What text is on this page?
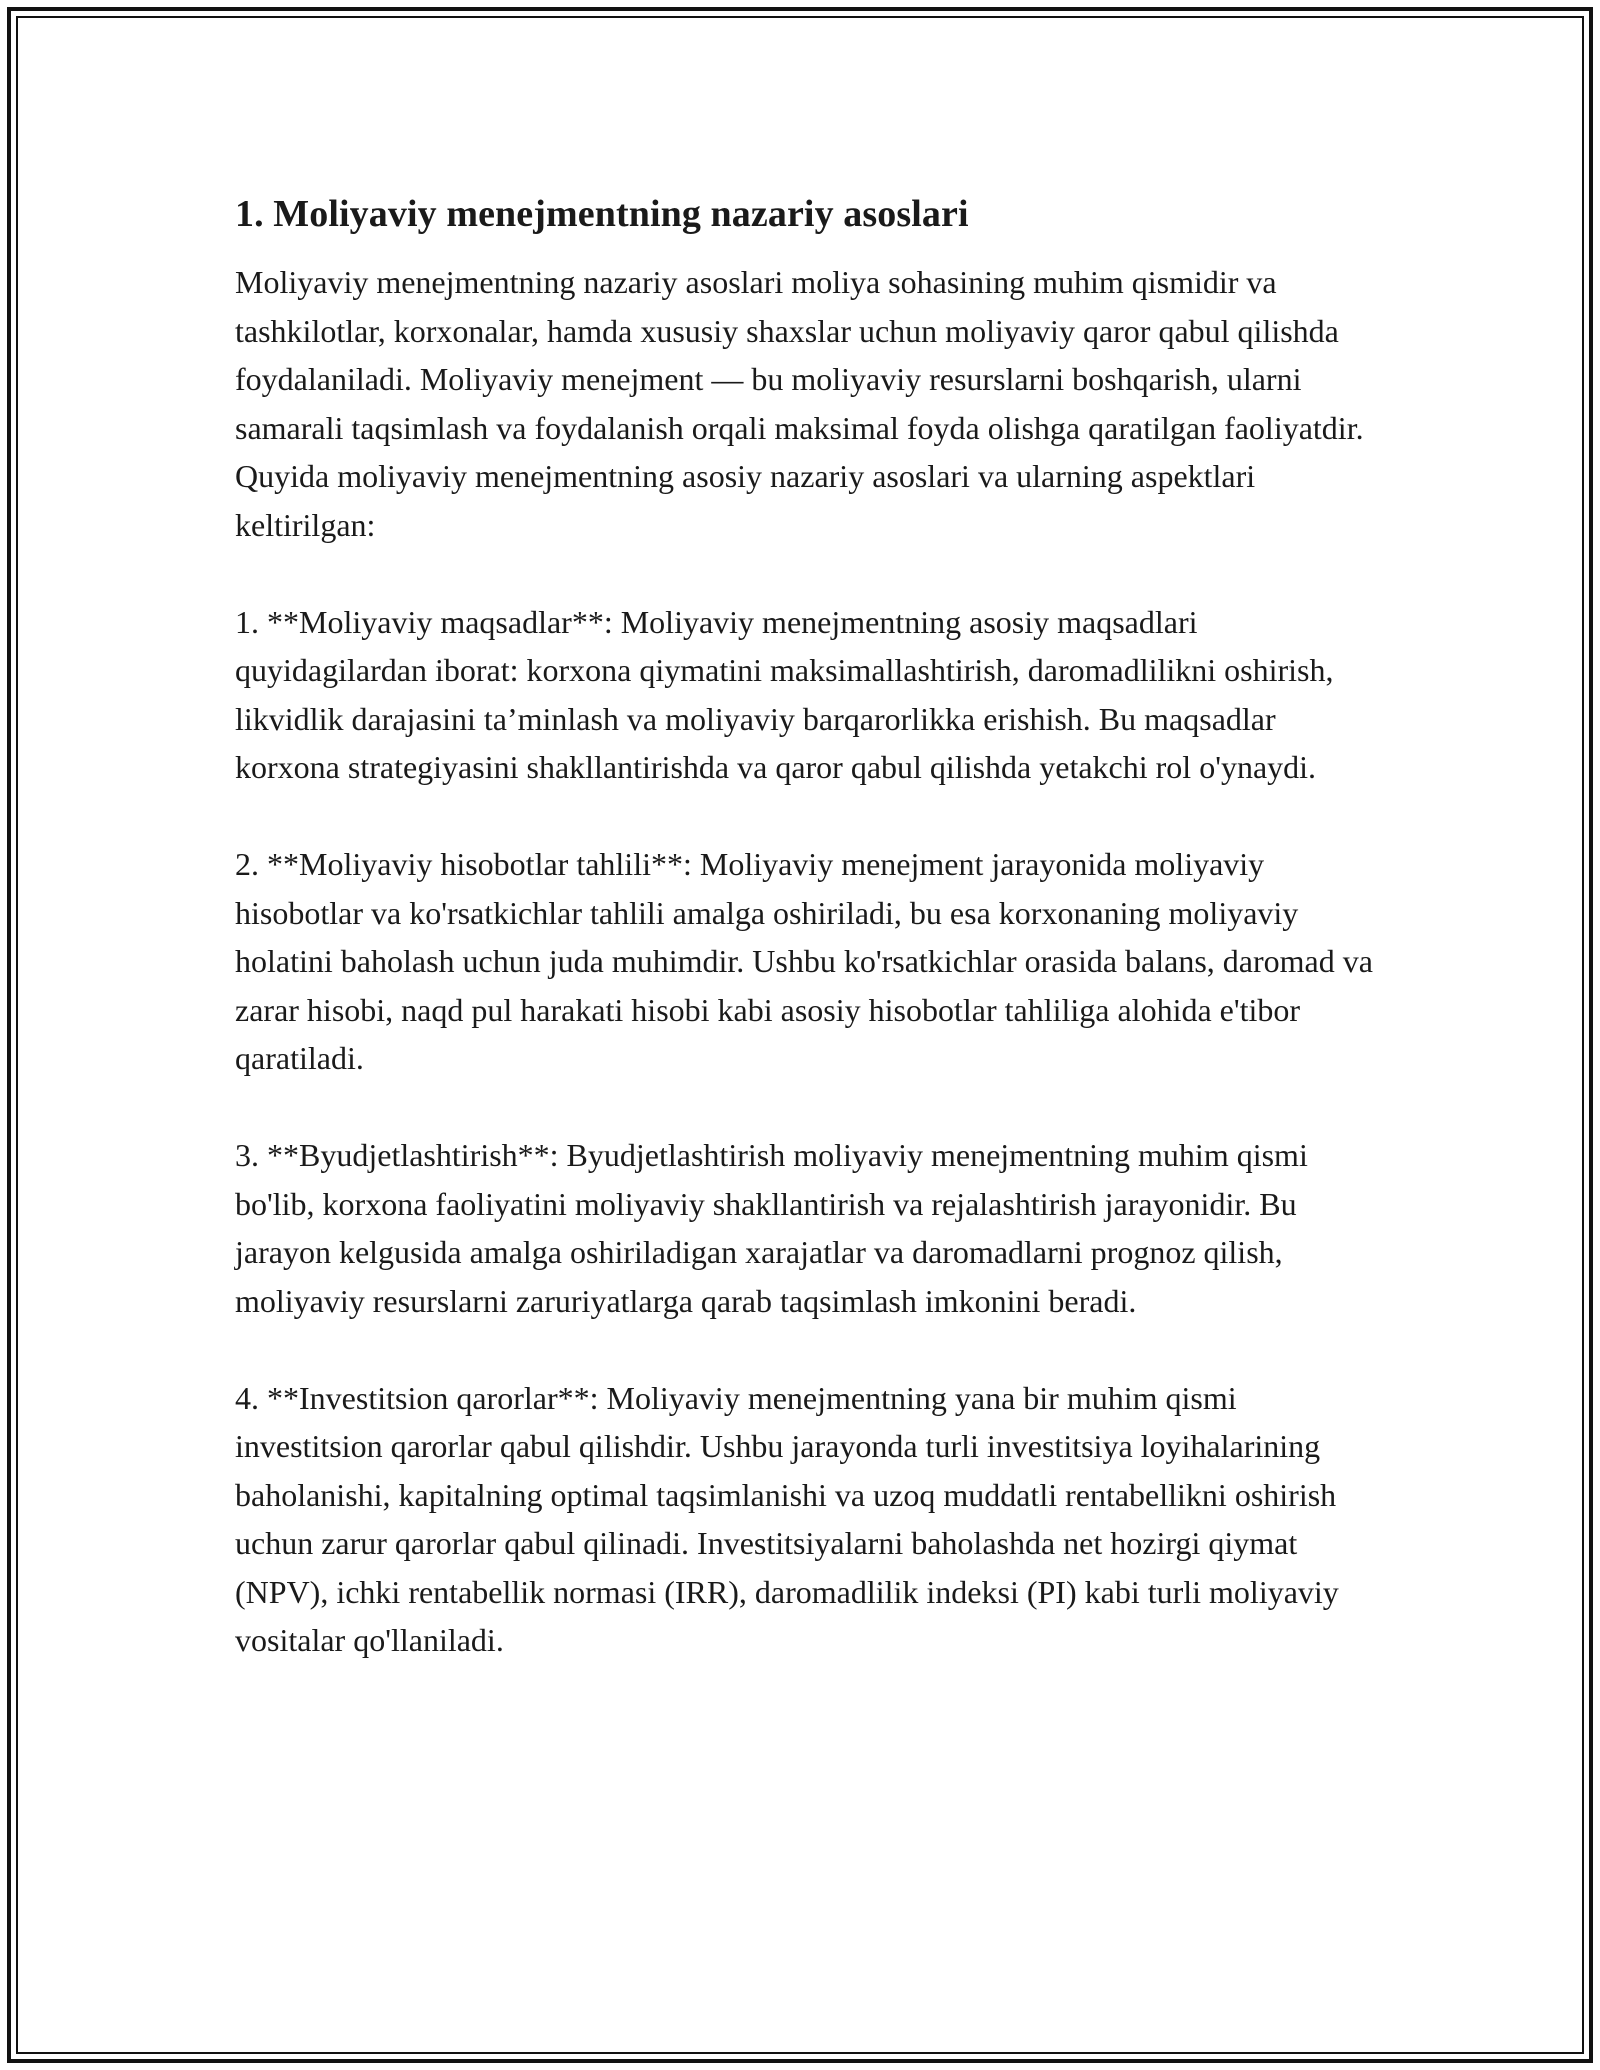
1. Moliyaviy menejmentning nazariy asoslari

Moliyaviy menejmentning nazariy asoslari moliya sohasining muhim qismidir va tashkilotlar, korxonalar, hamda xususiy shaxslar uchun moliyaviy qaror qabul qilishda foydalaniladi. Moliyaviy menejment — bu moliyaviy resurslarni boshqarish, ularni samarali taqsimlash va foydalanish orqali maksimal foyda olishga qaratilgan faoliyatdir. Quyida moliyaviy menejmentning asosiy nazariy asoslari va ularning aspektlari keltirilgan:

1. **Moliyaviy maqsadlar**: Moliyaviy menejmentning asosiy maqsadlari quyidagilardan iborat: korxona qiymatini maksimallashtirish, daromadlilikni oshirish, likvidlik darajasini ta’minlash va moliyaviy barqarorlikka erishish. Bu maqsadlar korxona strategiyasini shakllantirishda va qaror qabul qilishda yetakchi rol o'ynaydi.

2. **Moliyaviy hisobotlar tahlili**: Moliyaviy menejment jarayonida moliyaviy hisobotlar va ko'rsatkichlar tahlili amalga oshiriladi, bu esa korxonaning moliyaviy holatini baholash uchun juda muhimdir. Ushbu ko'rsatkichlar orasida balans, daromad va zarar hisobi, naqd pul harakati hisobi kabi asosiy hisobotlar tahliliga alohida e'tibor qaratiladi.

3. **Byudjetlashtirish**: Byudjetlashtirish moliyaviy menejmentning muhim qismi bo'lib, korxona faoliyatini moliyaviy shakllantirish va rejalashtirish jarayonidir. Bu jarayon kelgusida amalga oshiriladigan xarajatlar va daromadlarni prognoz qilish, moliyaviy resurslarni zaruriyatlarga qarab taqsimlash imkonini beradi.

4. **Investitsion qarorlar**: Moliyaviy menejmentning yana bir muhim qismi investitsion qarorlar qabul qilishdir. Ushbu jarayonda turli investitsiya loyihalarining baholanishi, kapitalning optimal taqsimlanishi va uzoq muddatli rentabellikni oshirish uchun zarur qarorlar qabul qilinadi. Investitsiyalarni baholashda net hozirgi qiymat (NPV), ichki rentabellik normasi (IRR), daromadlilik indeksi (PI) kabi turli moliyaviy vositalar qo'llaniladi.
